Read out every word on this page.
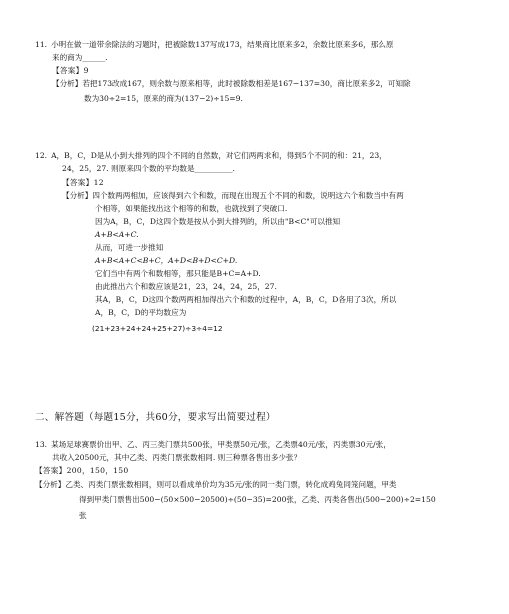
11. 小明在做一道带余除法的习题时，把被除数137写成173，结果商比原来多2，余数比原来多6，那么原
来的商为______.
【答案】9
【分析】若把173改成167，则余数与原来相等，此时被除数相差是167−137=30，商比原来多2，可知除
数为30÷2=15，原来的商为(137−2)÷15=9.
12. A，B，C，D是从小到大排列的四个不同的自然数，对它们两两求和，得到5个不同的和：21，23，
24，25，27. 则原来四个数的平均数是__________.
【答案】12
【分析】四个数两两相加，应该得到六个和数，而现在出现五个不同的和数，说明这六个和数当中有两
个相等，如果能找出这个相等的和数，也就找到了突破口.
因为A，B，C，D这四个数是按从小到大排列的，所以由"B<C"可以推知
A+B<A+C.
从而，可进一步推知
A+B<A+C<B+C，A+D<B+D<C+D.
它们当中有两个和数相等，那只能是B+C=A+D.
由此推出六个和数应该是21，23，24，24，25，27.
其A，B，C，D这四个数两两相加得出六个和数的过程中，A，B，C，D各用了3次，所以
A，B，C，D的平均数应为
(21+23+24+24+25+27)÷3÷4=12
二、解答题（每题15分，共60分，要求写出简要过程）
13. 某场足球赛票价出甲、乙、丙三类门票共500张，甲类票50元/张，乙类票40元/张，丙类票30元/张，
共收入20500元，其中乙类、丙类门票张数相同. 则三种票各售出多少张？
【答案】200，150，150
【分析】乙类、丙类门票张数相同，则可以看成单价均为35元/张的同一类门票，转化成鸡兔同笼问题，甲类
得到甲类门票售出500−(50×500−20500)÷(50−35)=200张，乙类、丙类各售出(500−200)÷2=150
张
